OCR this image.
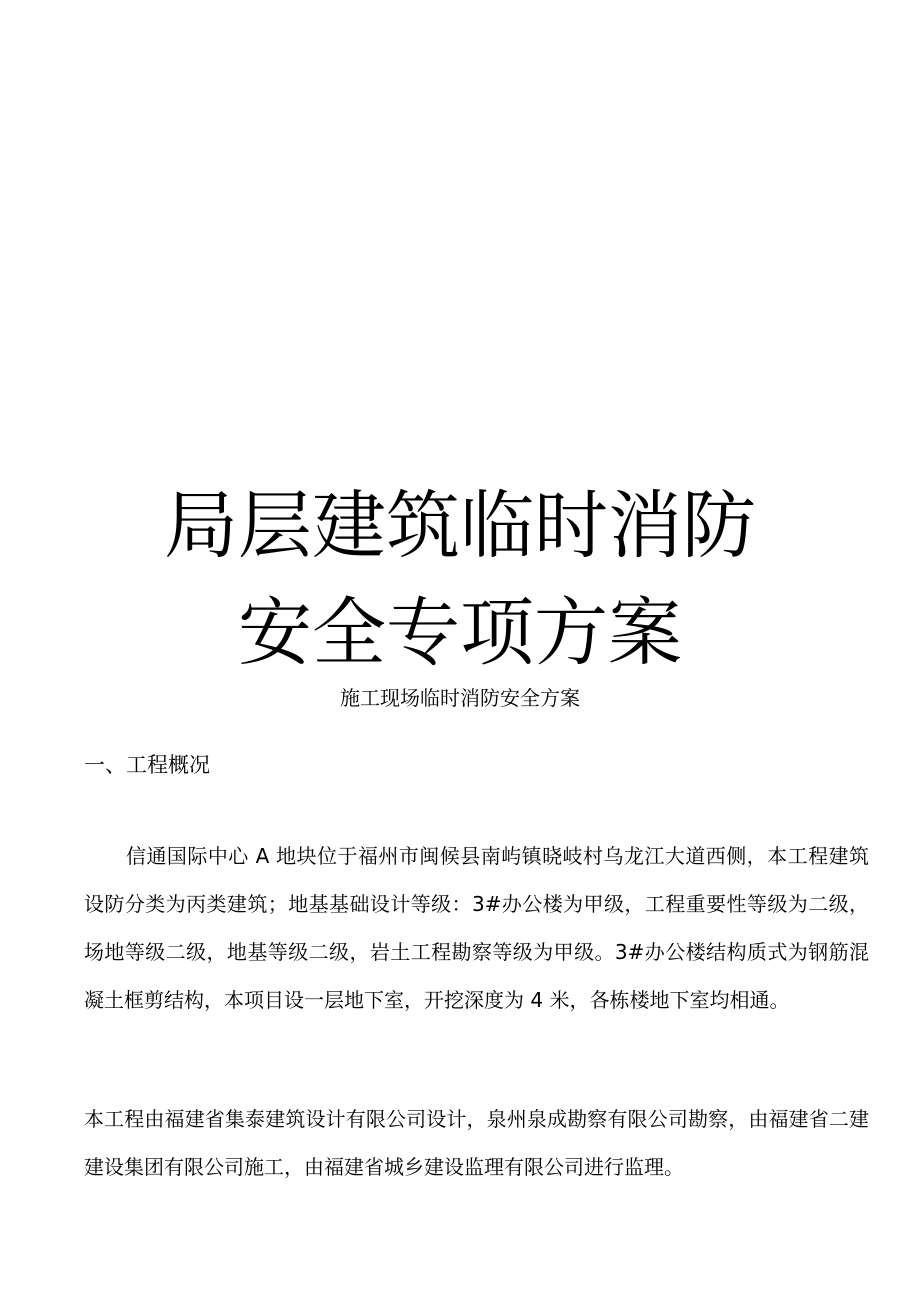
局层建筑临时消防
安全专项方案
施工现场临时消防安全方案
一、工程概况

信通国际中心 A 地块位于福州市闽候县南屿镇晓岐村乌龙江大道西侧，本工程建筑设防分类为丙类建筑；地基基础设计等级：3#办公楼为甲级，工程重要性等级为二级，场地等级二级，地基等级二级，岩土工程勘察等级为甲级。3#办公楼结构质式为钢筋混凝土框剪结构，本项目设一层地下室，开挖深度为 4 米，各栋楼地下室均相通。

本工程由福建省集泰建筑设计有限公司设计，泉州泉成勘察有限公司勘察，由福建省二建建设集团有限公司施工，由福建省城乡建设监理有限公司进行监理。
